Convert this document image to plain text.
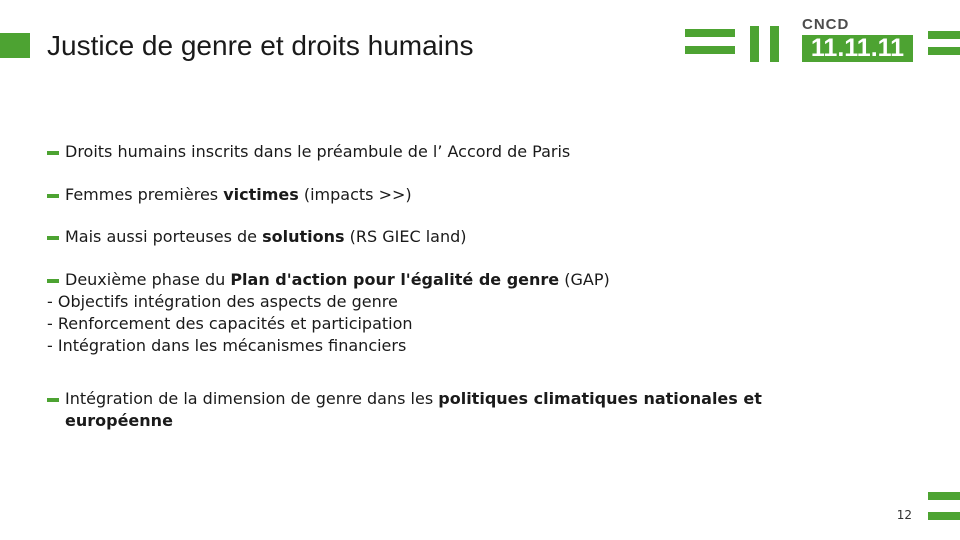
Justice de genre et droits humains
CNCD
11.11.11
Droits humains inscrits dans le préambule de l’ Accord de Paris
Femmes premières victimes (impacts >>)
Mais aussi porteuses de solutions (RS GIEC land)
Deuxième phase du Plan d'action pour l'égalité de genre (GAP)
- Objectifs intégration des aspects de genre
- Renforcement des capacités et participation
- Intégration dans les mécanismes financiers
Intégration de la dimension de genre dans les politiques climatiques nationales et européenne
12
